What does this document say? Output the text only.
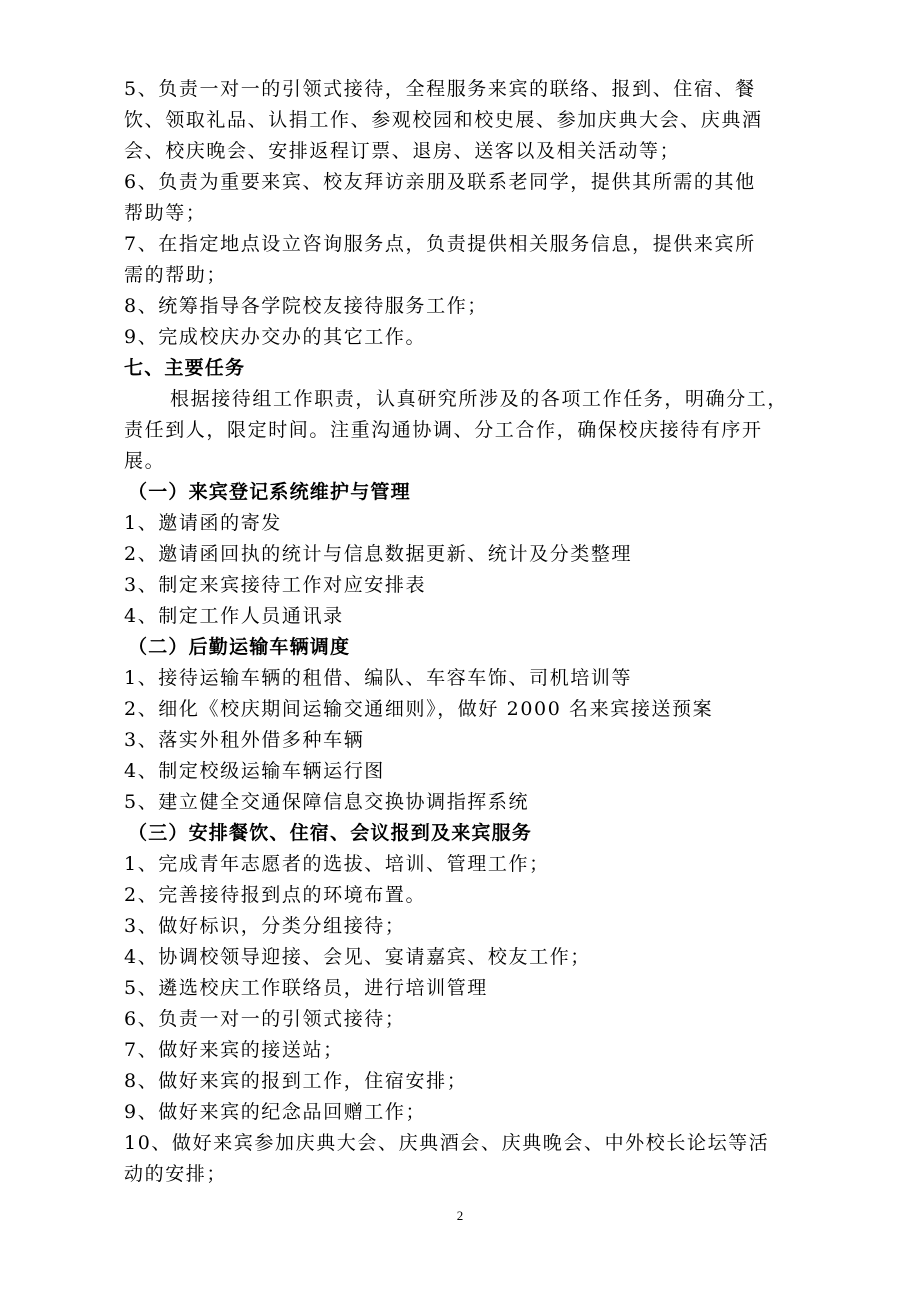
5、负责一对一的引领式接待，全程服务来宾的联络、报到、住宿、餐
饮、领取礼品、认捐工作、参观校园和校史展、参加庆典大会、庆典酒
会、校庆晚会、安排返程订票、退房、送客以及相关活动等；
6、负责为重要来宾、校友拜访亲朋及联系老同学，提供其所需的其他
帮助等；
7、在指定地点设立咨询服务点，负责提供相关服务信息，提供来宾所
需的帮助；
8、统筹指导各学院校友接待服务工作；
9、完成校庆办交办的其它工作。
七、主要任务
根据接待组工作职责，认真研究所涉及的各项工作任务，明确分工，
责任到人，限定时间。注重沟通协调、分工合作，确保校庆接待有序开
展。
（一）来宾登记系统维护与管理
1、邀请函的寄发
2、邀请函回执的统计与信息数据更新、统计及分类整理
3、制定来宾接待工作对应安排表
4、制定工作人员通讯录
（二）后勤运输车辆调度
1、接待运输车辆的租借、编队、车容车饰、司机培训等
2、细化《校庆期间运输交通细则》，做好 2000 名来宾接送预案
3、落实外租外借多种车辆
4、制定校级运输车辆运行图
5、建立健全交通保障信息交换协调指挥系统
（三）安排餐饮、住宿、会议报到及来宾服务
1、完成青年志愿者的选拔、培训、管理工作；
2、完善接待报到点的环境布置。
3、做好标识，分类分组接待；
4、协调校领导迎接、会见、宴请嘉宾、校友工作；
5、遴选校庆工作联络员，进行培训管理
6、负责一对一的引领式接待；
7、做好来宾的接送站；
8、做好来宾的报到工作，住宿安排；
9、做好来宾的纪念品回赠工作；
10、做好来宾参加庆典大会、庆典酒会、庆典晚会、中外校长论坛等活
动的安排；
2
